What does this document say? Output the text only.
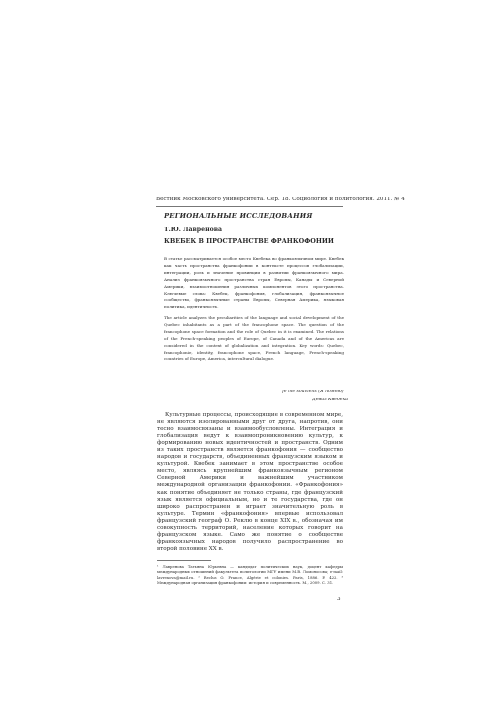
Вестник Московского университета. Сер. 18. Социология и политология. 2011. № 4
РЕГИОНАЛЬНЫЕ ИССЛЕДОВАНИЯ
Т.Ю. Лавренова
КВЕБЕК В ПРОСТРАНСТВЕ ФРАНКОФОНИИ
В статье рассматривается особое место Квебека во франкоязычном мире. Квебек как часть пространства франкофонии в контексте процессов глобализации, интеграции, роль и значение провинции в развитии франкоязычного мира. Анализ франкоязычного пространства стран Европы, Канады и Северной Америки, взаимоотношения различных компонентов этого пространства. Ключевые слова: Квебек, франкофония, глобализация, франкоязычное сообщество, франкоязычные страны Европы, Северная Америка, языковая политика, идентичность.
The article analyzes the peculiarities of the language and social development of the Quebec inhabitants as a part of the francophone space. The question of the francophone space formation and the role of Quebec in it is examined. The relations of the French-speaking peoples of Europe, of Canada and of the Americas are considered in the context of globalization and integration. Key words: Quebec, francophonie, identity, francophone space, French language, French-speaking countries of Europe, America, intercultural dialogue.
Je me souviens (Я помню)
Девиз Квебека
Культурные процессы, происходящие в современном мире, не являются изолированными друг от друга, напротив, они тесно взаимосвязаны и взаимообусловлены. Интеграция и глобализация ведут к взаимопроникновению культур, к формированию новых идентичностей и пространств. Одним из таких пространств является франкофония — сообщество народов и государств, объединенных французским языком и культурой. Квебек занимает в этом пространстве особое место, являясь крупнейшим франкоязычным регионом Северной Америки и важнейшим участником международной организации франкофонии. «Франкофония» как понятие объединяет не только страны, где французский язык является официальным, но и те государства, где он широко распространен и играет значительную роль в культуре. Термин «франкофония» впервые использовал французский географ О. Реклю в конце XIX в., обозначая им совокупность территорий, население которых говорит на французском языке. Само же понятие о сообществе франкоязычных народов получило распространение во второй половине XX в.
¹ Лавренова Татьяна Юрьевна — кандидат политических наук, доцент кафедры международных отношений факультета политологии МГУ имени М.В. Ломоносова; e-mail: lavrenova@mail.ru. ² Reclus O. France, Algérie et colonies. Paris, 1886. P. 422. ³ Международная организация франкофонии: история и современность. М., 2009. С. 31.
3
